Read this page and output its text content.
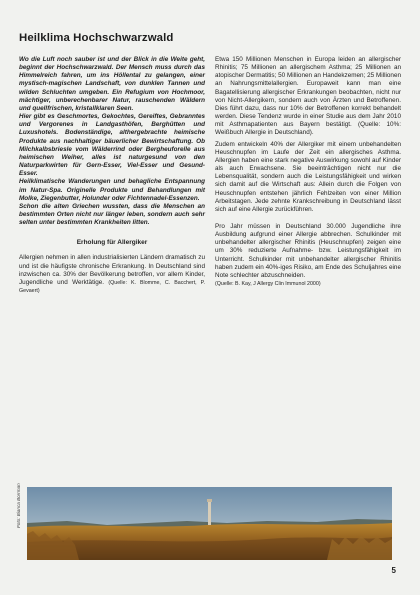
Heilklima Hochschwarzwald

Wo die Luft noch sauber ist und der Blick in die Weite geht, beginnt der Hochschwarzwald. Der Mensch muss durch das Himmelreich fahren, um ins Höllental zu gelangen, einer mystisch-magischen Landschaft, von dunklen Tannen und wilden Schluchten umgeben. Ein Refugium von Hochmoor, mächtiger, unberechenbarer Natur, rauschenden Wäldern und quellfrischen, kristallklaren Seen.

Hier gibt es Geschmortes, Gekochtes, Gereiftes, Gebranntes und Vergorenes in Landgasthöfen, Berghütten und Luxushotels. Bodenständige, althergebrachte heimische Produkte aus nachhaltiger bäuerlicher Bewirtschaftung. Ob Milchkalbsbriesle vom Wälderrind oder Bergheuforelle aus heimischen Weiher, alles ist naturgesund von den Naturparkwirten für Gern-Esser, Viel-Esser und Gesund-Esser.

Heilklimatische Wanderungen und behagliche Entspannung im Natur-Spa. Originelle Produkte und Behandlungen mit Molke, Ziegenbutter, Holunder oder Fichtennadel-Essenzen.

Schon die alten Griechen wussten, dass die Menschen an bestimmten Orten nicht nur länger leben, sondern auch sehr selten unter bestimmten Krankheiten litten.

Erholung für Allergiker

Allergien nehmen in allen industrialisierten Ländern dramatisch zu und ist die häufigste chronische Erkrankung. In Deutschland sind inzwischen ca. 30% der Bevölkerung betroffen, vor allem Kinder, Jugendliche und Werktätige. (Quelle: K. Blomme, C. Bacchert, P. Gevaert)

Etwa 150 Millionen Menschen in Europa leiden an allergischer Rhinitis; 75 Millionen an allergischem Asthma; 25 Millionen an atopischer Dermatitis; 50 Millionen an Handekzemen; 25 Millionen an Nahrungsmittelallergien. Europaweit kann man eine Bagatellisierung allergischer Erkrankungen beobachten, nicht nur von Nicht-Allergikern, sondern auch von Ärzten und Betroffenen. Dies führt dazu, dass nur 10% der Betroffenen korrekt behandelt werden. Diese Tendenz wurde in einer Studie aus dem Jahr 2010 mit Asthmapatienten aus Bayern bestätigt. (Quelle: 10%: Weißbuch Allergie in Deutschland).

Zudem entwickeln 40% der Allergiker mit einem unbehandelten Heuschnupfen im Laufe der Zeit ein allergisches Asthma. Allergien haben eine stark negative Auswirkung sowohl auf Kinder als auch Erwachsene. Sie beeinträchtigen nicht nur die Lebensqualität, sondern auch die Leistungsfähigkeit und wirken sich damit auf die Wirtschaft aus: Allein durch die Folgen von Heuschnupfen entstehen jährlich Fehlzeiten von einer Million Arbeitstagen. Jede zehnte Krankschreibung in Deutschland lässt sich auf eine Allergie zurückführen.

Pro Jahr müssen in Deutschland 30.000 Jugendliche ihre Ausbildung aufgrund einer Allergie abbrechen. Schulkinder mit unbehandelter allergischer Rhinitis (Heuschnupfen) zeigen eine um 30% reduzierte Aufnahme- bzw. Leistungsfähigkeit im Unterricht. Schulkinder mit unbehandelter allergischer Rhinitis haben zudem ein 40%-iges Risiko, am Ende des Schuljahres eine Note schlechter abzuschneiden.
(Quelle: B. Kay, J Allergy Clin Immunol 2000)

Foto: Bianca Borrman
5
